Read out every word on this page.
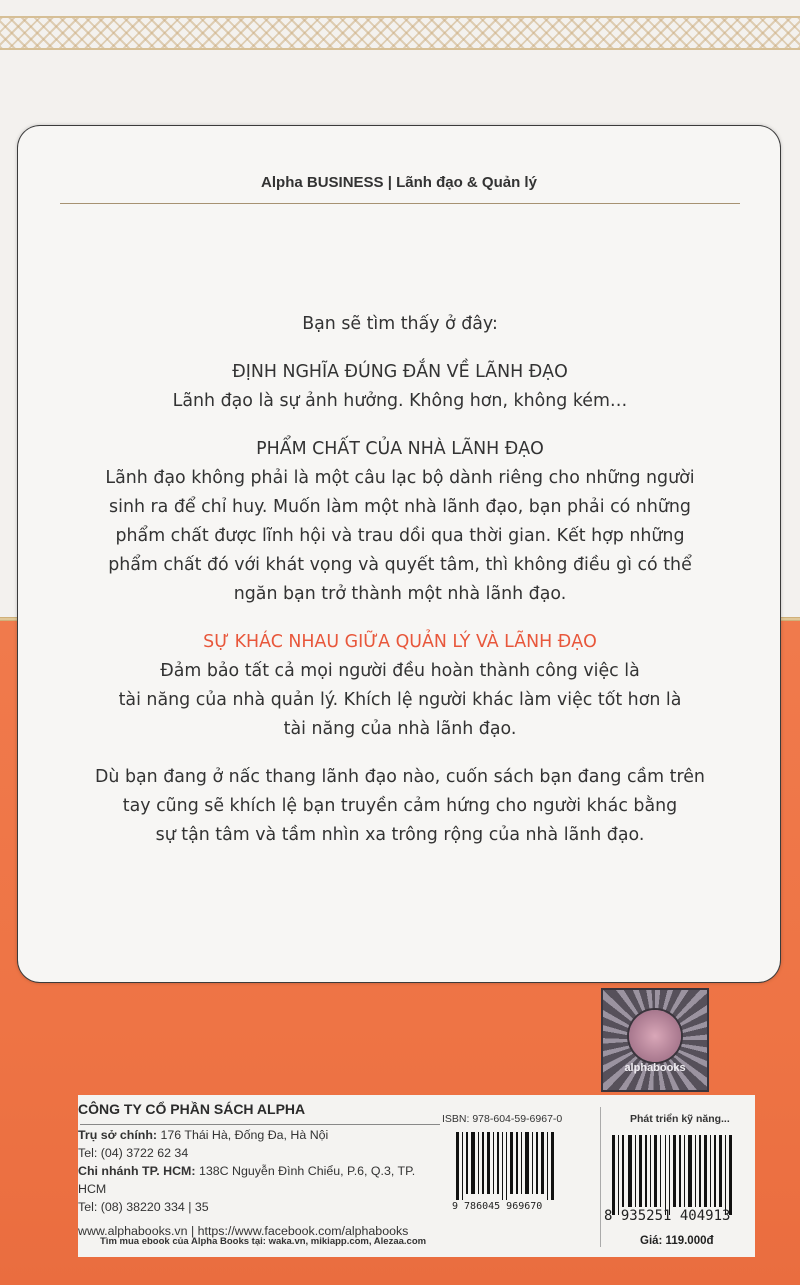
Alpha BUSINESS | Lãnh đạo & Quản lý

Bạn sẽ tìm thấy ở đây:

ĐỊNH NGHĨA ĐÚNG ĐẮN VỀ LÃNH ĐẠO

Lãnh đạo là sự ảnh hưởng. Không hơn, không kém…

PHẨM CHẤT CỦA NHÀ LÃNH ĐẠO

Lãnh đạo không phải là một câu lạc bộ dành riêng cho những người

sinh ra để chỉ huy. Muốn làm một nhà lãnh đạo, bạn phải có những

phẩm chất được lĩnh hội và trau dồi qua thời gian. Kết hợp những

phẩm chất đó với khát vọng và quyết tâm, thì không điều gì có thể

ngăn bạn trở thành một nhà lãnh đạo.

SỰ KHÁC NHAU GIỮA QUẢN LÝ VÀ LÃNH ĐẠO

Đảm bảo tất cả mọi người đều hoàn thành công việc là

tài năng của nhà quản lý. Khích lệ người khác làm việc tốt hơn là

tài năng của nhà lãnh đạo.

Dù bạn đang ở nấc thang lãnh đạo nào, cuốn sách bạn đang cầm trên

tay cũng sẽ khích lệ bạn truyền cảm hứng cho người khác bằng

sự tận tâm và tầm nhìn xa trông rộng của nhà lãnh đạo.

alphabooks
CÔNG TY CỔ PHẦN SÁCH ALPHA
Trụ sở chính: 176 Thái Hà, Đống Đa, Hà Nội
Tel: (04) 3722 62 34
Chi nhánh TP. HCM: 138C Nguyễn Đình Chiểu, P.6, Q.3, TP. HCM
Tel: (08) 38220 334 | 35
www.alphabooks.vn | https://www.facebook.com/alphabooks
ISBN: 978-604-59-6967-0	Phát triển kỹ năng...
9 786045 969670
8 935251 404913
Tìm mua ebook của Alpha Books tại: waka.vn, mikiapp.com, Alezaa.com	Giá: 119.000đ
